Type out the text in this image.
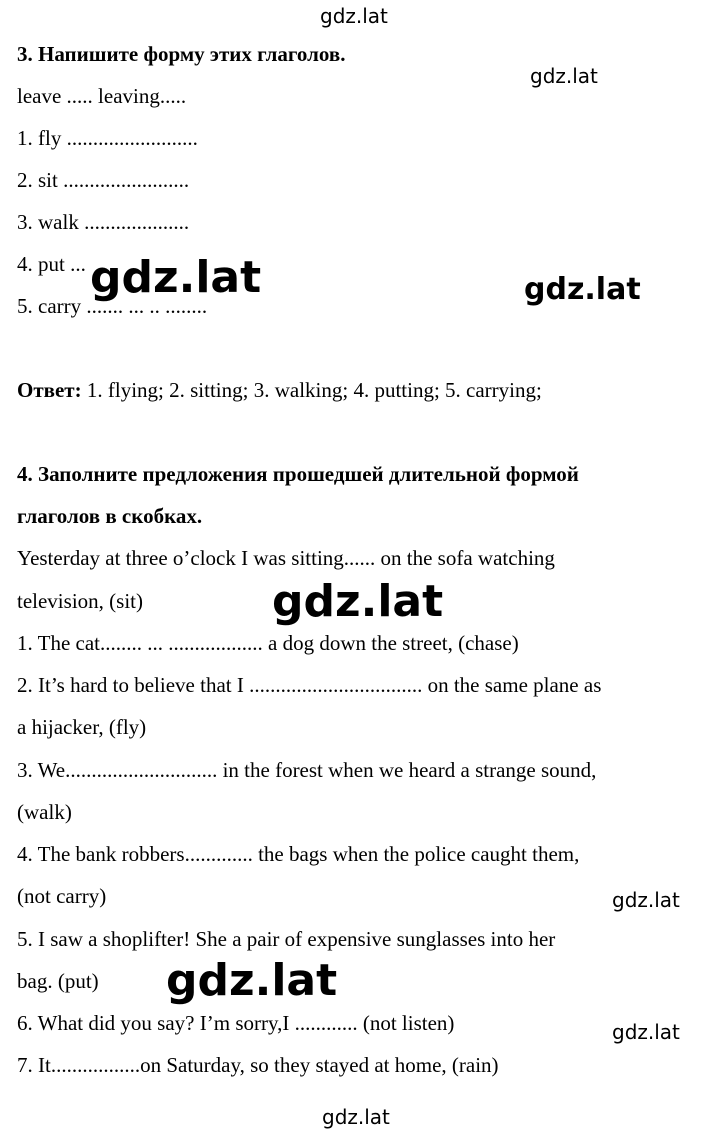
gdz.lat
gdz.lat
3. Напишите форму этих глаголов.
leave ..... leaving.....
1. fly .........................
2. sit ........................
3. walk ....................
4. put ...
5. carry ....... ... .. ........
gdz.lat	gdz.lat
Ответ: 1. flying; 2. sitting; 3. walking; 4. putting; 5. carrying;
4. Заполните предложения прошедшей длительной формой
глаголов в скобках.
Yesterday at three o’clock I was sitting...... on the sofa watching
television, (sit)
1. The cat........ ... .................. a dog down the street, (chase)
2. It’s hard to believe that I ................................. on the same plane as
a hijacker, (fly)
3. We............................. in the forest when we heard a strange sound,
(walk)
4. The bank robbers............. the bags when the police caught them,
(not carry)
5. I saw a shoplifter! She a pair of expensive sunglasses into her
bag. (put)
6. What did you say? I’m sorry,I ............ (not listen)
7. It.................on Saturday, so they stayed at home, (rain)
gdz.lat
gdz.lat
gdz.lat
gdz.lat
gdz.lat
